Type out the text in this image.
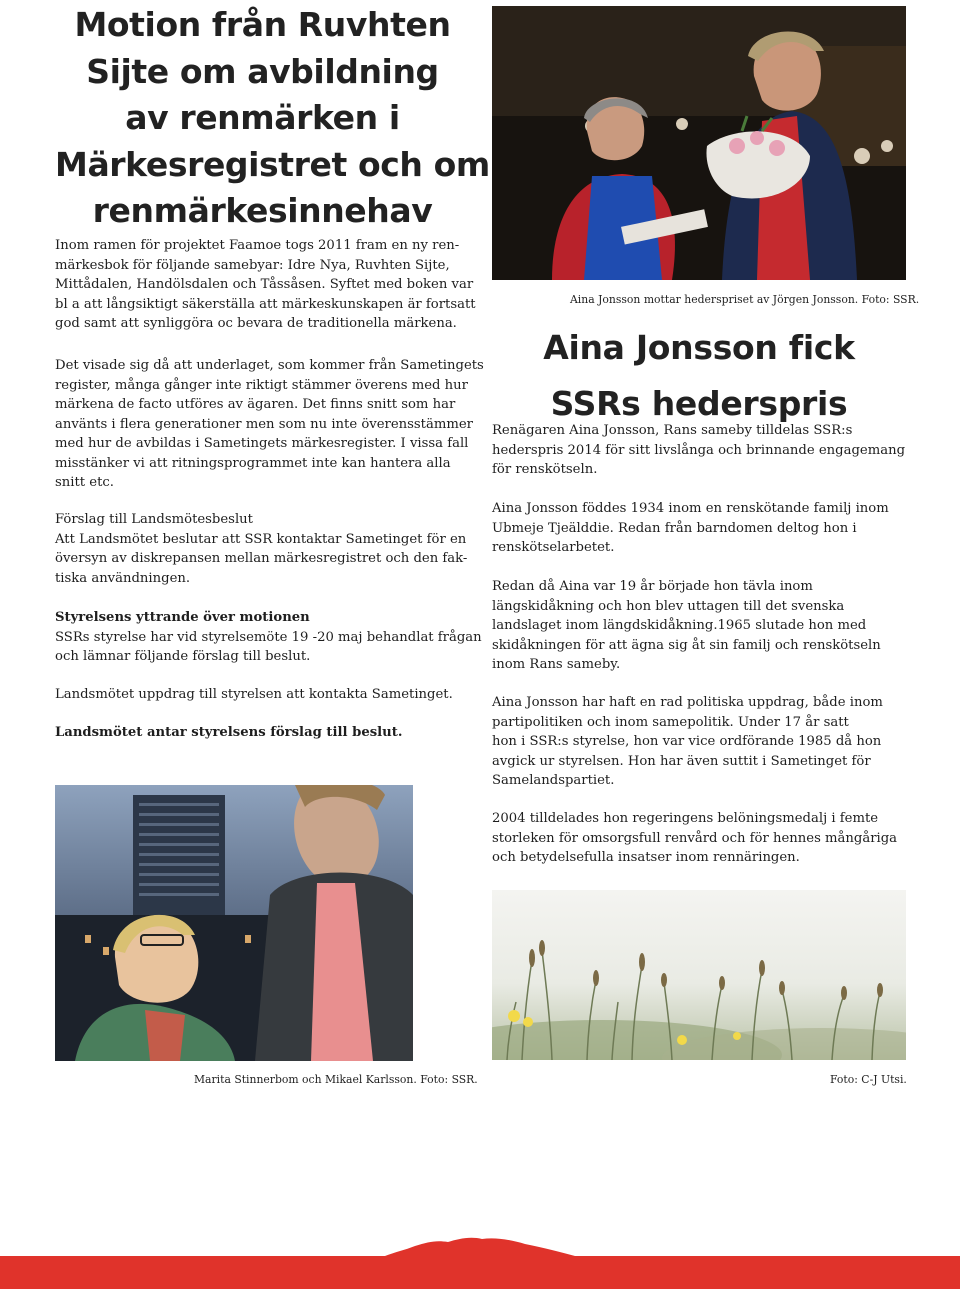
Motion från Ruvhten
Sijte om avbildning
av renmärken i
Märkesregistret och om
renmärkesinnehav

Inom ramen för projektet Faamoe togs 2011 fram en ny ren-
märkesbok för följande samebyar: Idre Nya, Ruvhten Sijte,
Mittådalen, Handölsdalen och Tåssåsen. Syftet med boken var
bl a att långsiktigt säkerställa att märkeskunskapen är fortsatt
god samt att synliggöra oc bevara de traditionella märkena.

Det visade sig då att underlaget, som kommer från Sametingets
register, många gånger inte riktigt stämmer överens med hur
märkena de facto utföres av ägaren. Det finns snitt som har
använts i flera generationer men som nu inte överensstämmer
med hur de avbildas i Sametingets märkesregister. I vissa fall
misstänker vi att ritningsprogrammet inte kan hantera alla
snitt etc.

Förslag till Landsmötesbeslut
Att Landsmötet beslutar att SSR kontaktar Sametinget för en
översyn av diskrepansen mellan märkesregistret och den fak-
tiska användningen.

Styrelsens yttrande över motionen
SSRs styrelse har vid styrelsemöte 19 -20 maj behandlat frågan
och lämnar följande förslag till beslut.

Landsmötet uppdrag till styrelsen att kontakta Sametinget.

Landsmötet antar styrelsens förslag till beslut.

Marita Stinnerbom och Mikael Karlsson. Foto: SSR.
Aina Jonsson mottar hederspriset av Jörgen Jonsson. Foto: SSR.
Aina Jonsson fick
SSRs hederspris

Renägaren Aina Jonsson, Rans sameby tilldelas SSR:s
hederspris 2014 för sitt livslånga och brinnande engagemang
för renskötseln.

Aina Jonsson föddes 1934 inom en renskötande familj inom
Ubmeje Tjeälddie. Redan från barndomen deltog hon i
renskötselarbetet.

Redan då Aina var 19 år började hon tävla inom
längskidåkning och hon blev uttagen till det svenska
landslaget inom längdskidåkning.1965 slutade hon med
skidåkningen för att ägna sig åt sin familj och renskötseln
inom Rans sameby.

Aina Jonsson har haft en rad politiska uppdrag, både inom
partipolitiken och inom samepolitik. Under 17 år satt
hon i SSR:s styrelse, hon var vice ordförande 1985 då hon
avgick ur styrelsen. Hon har även suttit i Sametinget för
Samelandspartiet.

2004 tilldelades hon regeringens belöningsmedalj i femte
storleken för omsorgsfull renvård och för hennes mångåriga
och betydelsefulla insatser inom rennäringen.

Foto: C-J Utsi.
